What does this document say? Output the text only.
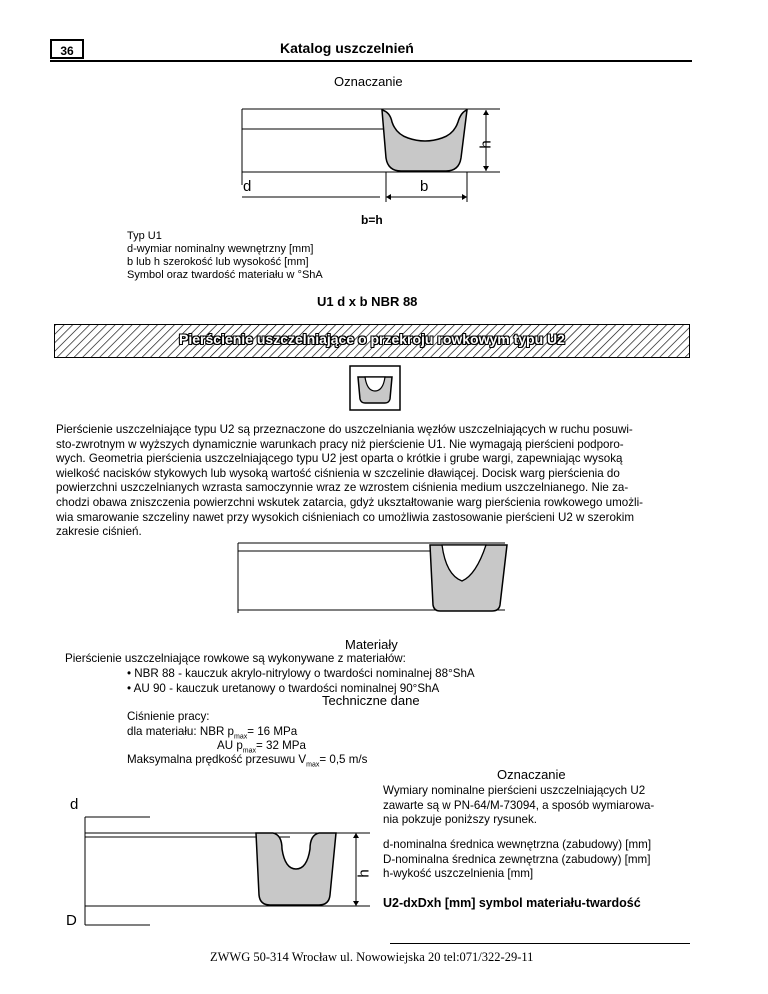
36	Katalog uszczelnień
Oznaczanie
h
d	b
b=h
Typ U1
d-wymiar nominalny wewnętrzny [mm]
b lub h szerokość lub wysokość [mm]
Symbol oraz twardość materiału w °ShA
U1 d x b NBR 88
Pierścienie uszczelniające o przekroju rowkowym typu U2
Pierścienie uszczelniające typu U2 są przeznaczone do uszczelniania węzłów uszczelniających w ruchu posuwi-
sto-zwrotnym w wyższych dynamicznie warunkach pracy niż pierścienie U1. Nie wymagają pierścieni podporo-
wych. Geometria pierścienia uszczelniającego typu U2 jest oparta o krótkie i grube wargi, zapewniając wysoką
wielkość nacisków stykowych lub wysoką wartość ciśnienia w szczelinie dławiącej. Docisk warg pierścienia do
powierzchni uszczelnianych wzrasta samoczynnie wraz ze wzrostem ciśnienia medium uszczelnianego. Nie za-
chodzi obawa zniszczenia powierzchni wskutek zatarcia, gdyż ukształtowanie warg pierścienia rowkowego umożli-
wia smarowanie szczeliny nawet przy wysokich ciśnieniach co umożliwia zastosowanie pierścieni U2 w szerokim
zakresie ciśnień.
Materiały
Pierścienie uszczelniające rowkowe są wykonywane z materiałów:
• NBR 88 - kauczuk akrylo-nitrylowy o twardości nominalnej 88°ShA
• AU 90 - kauczuk uretanowy o twardości nominalnej 90°ShA
Techniczne dane
Ciśnienie pracy:
dla materiału: NBR $p_{max}= 16$ MPa
AU $p_{max}= 32$ MPa
Maksymalna prędkość przesuwu $V_{max}= 0,5$ m/s
Oznaczanie
Wymiary nominalne pierścieni uszczelniających U2
zawarte są w PN-64/M-73094, a sposób wymiarowa-
nia pokzuje poniższy rysunek.
d-nominalna średnica wewnętrzna (zabudowy) [mm]
D-nominalna średnica zewnętrzna (zabudowy) [mm]
h-wykość uszczelnienia [mm]
U2-dxDxh [mm] symbol materiału-twardość
d
D
h
ZWWG 50-314 Wrocław ul. Nowowiejska 20 tel:071/322-29-11
